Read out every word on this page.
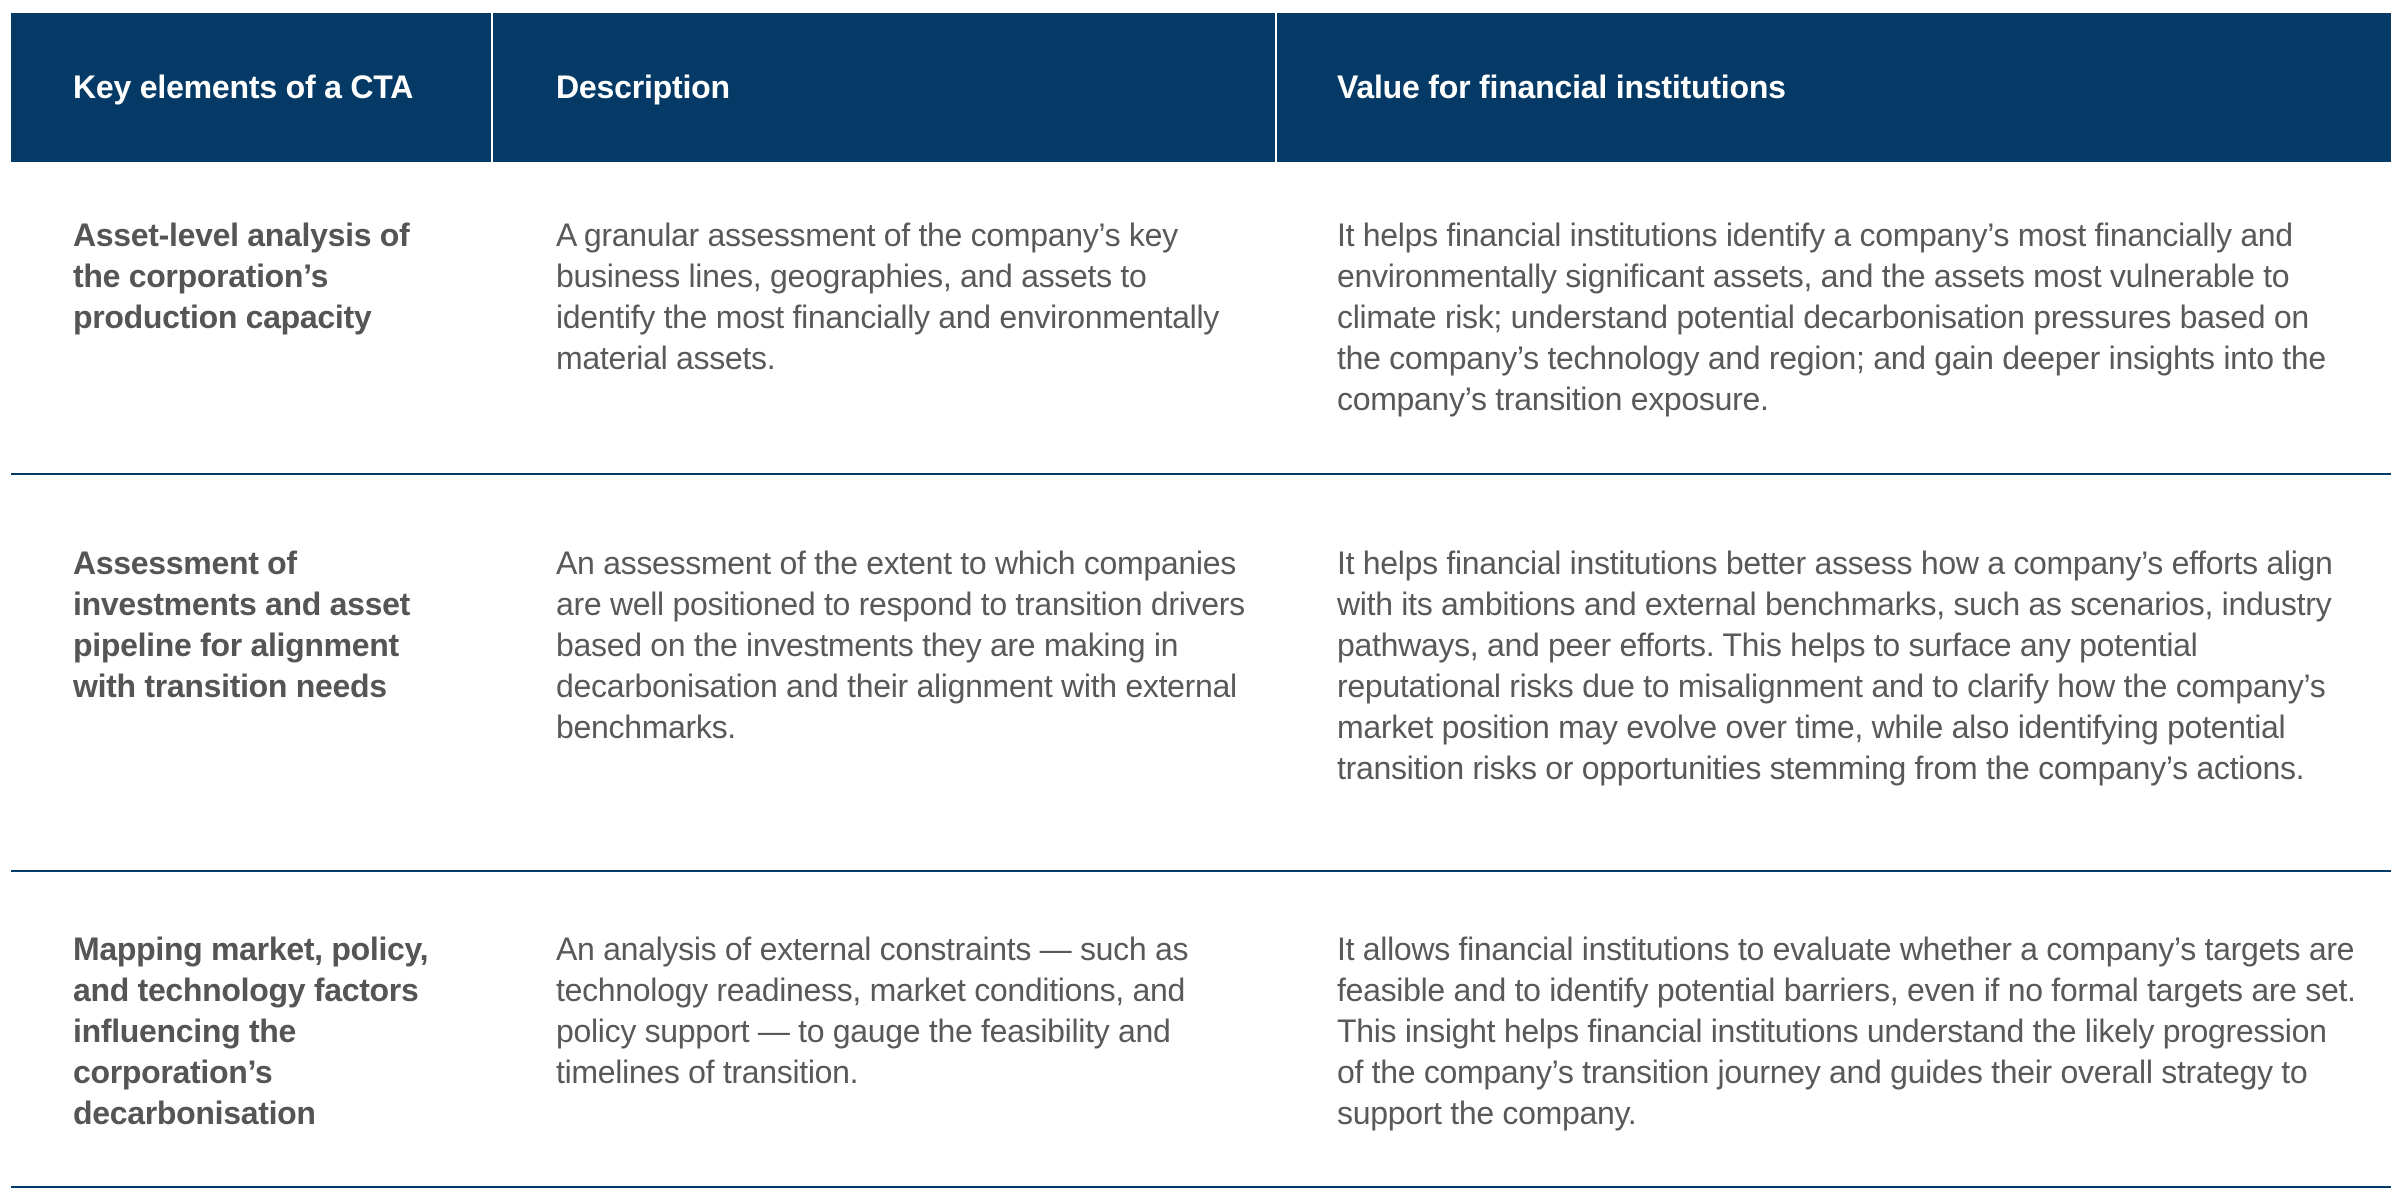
Key elements of a CTA	Description	Value for financial institutions
Asset-level analysis of the corporation’s production capacity
A granular assessment of the company’s key business lines, geographies, and assets to identify the most financially and environmentally material assets.
It helps financial institutions identify a company’s most financially and environmentally significant assets, and the assets most vulnerable to climate risk; understand potential decarbonisation pressures based on the company’s technology and region; and gain deeper insights into the company’s transition exposure.
Assessment of investments and asset pipeline for alignment with transition needs
An assessment of the extent to which companies are well positioned to respond to transition drivers based on the investments they are making in decarbonisation and their alignment with external benchmarks.
It helps financial institutions better assess how a company’s efforts align with its ambitions and external benchmarks, such as scenarios, industry pathways, and peer efforts. This helps to surface any potential reputational risks due to misalignment and to clarify how the company’s market position may evolve over time, while also identifying potential transition risks or opportunities stemming from the company’s actions.
Mapping market, policy, and technology factors influencing the corporation’s decarbonisation
An analysis of external constraints — such as technology readiness, market conditions, and policy support — to gauge the feasibility and timelines of transition.
It allows financial institutions to evaluate whether a company’s targets are feasible and to identify potential barriers, even if no formal targets are set. This insight helps financial institutions understand the likely progression of the company’s transition journey and guides their overall strategy to support the company.
